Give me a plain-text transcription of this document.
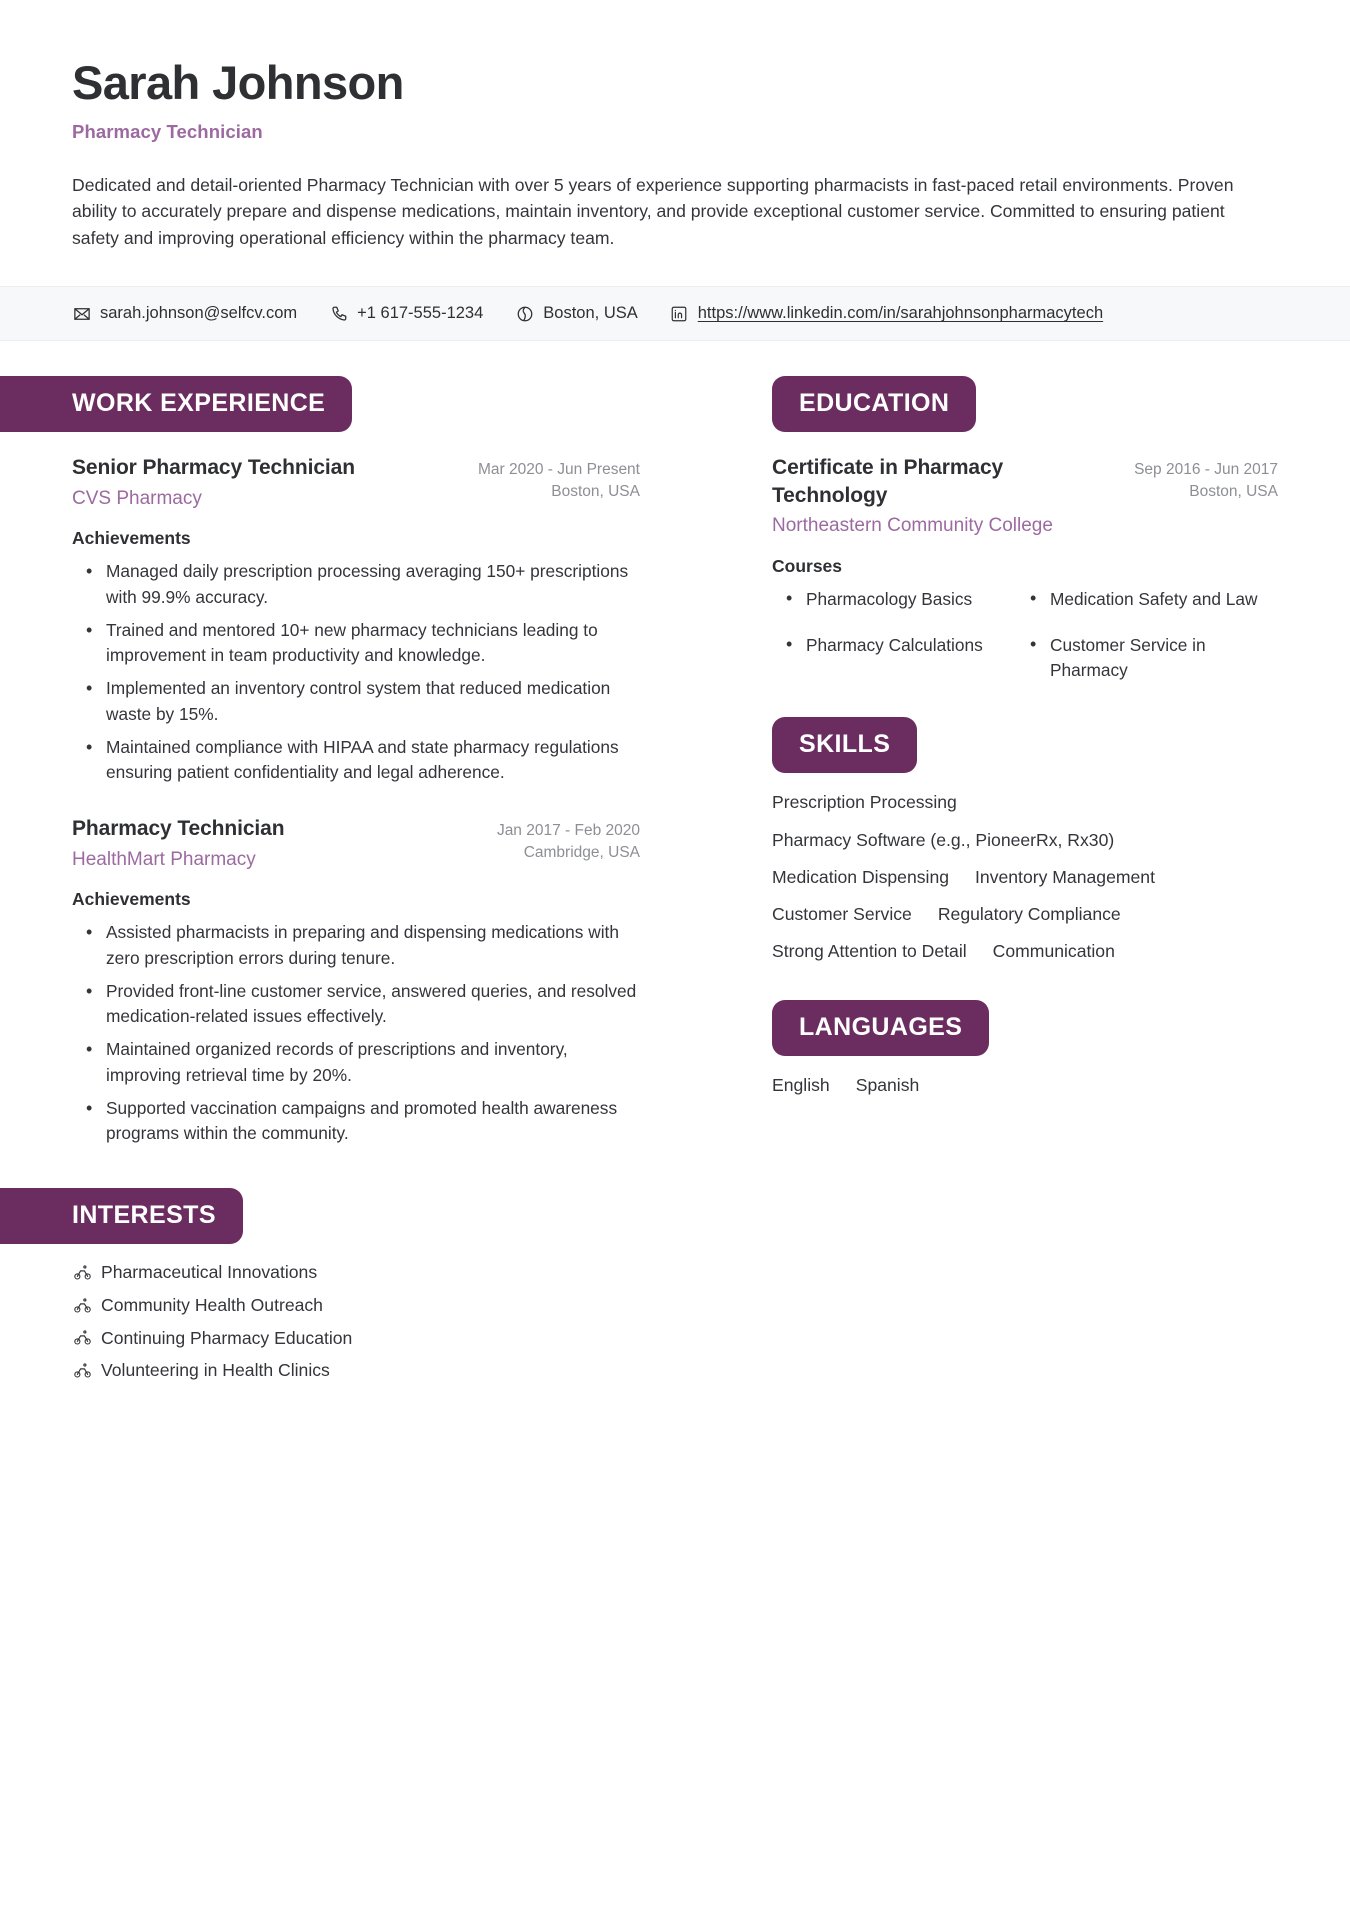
Sarah Johnson
Pharmacy Technician
Dedicated and detail-oriented Pharmacy Technician with over 5 years of experience supporting pharmacists in fast-paced retail environments. Proven ability to accurately prepare and dispense medications, maintain inventory, and provide exceptional customer service. Committed to ensuring patient safety and improving operational efficiency within the pharmacy team.
sarah.johnson@selfcv.com	+1 617-555-1234	Boston, USA	https://www.linkedin.com/in/sarahjohnsonpharmacytech
WORK EXPERIENCE
Senior Pharmacy Technician
CVS Pharmacy
Mar 2020 - Jun Present
Boston, USA
Achievements
• Managed daily prescription processing averaging 150+ prescriptions with 99.9% accuracy.
• Trained and mentored 10+ new pharmacy technicians leading to improvement in team productivity and knowledge.
• Implemented an inventory control system that reduced medication waste by 15%.
• Maintained compliance with HIPAA and state pharmacy regulations ensuring patient confidentiality and legal adherence.
Pharmacy Technician
HealthMart Pharmacy
Jan 2017 - Feb 2020
Cambridge, USA
Achievements
• Assisted pharmacists in preparing and dispensing medications with zero prescription errors during tenure.
• Provided front-line customer service, answered queries, and resolved medication-related issues effectively.
• Maintained organized records of prescriptions and inventory, improving retrieval time by 20%.
• Supported vaccination campaigns and promoted health awareness programs within the community.
INTERESTS
Pharmaceutical Innovations
Community Health Outreach
Continuing Pharmacy Education
Volunteering in Health Clinics
EDUCATION
Certificate in Pharmacy Technology
Northeastern Community College
Sep 2016 - Jun 2017
Boston, USA
Courses
• Pharmacology Basics	• Medication Safety and Law
• Pharmacy Calculations	• Customer Service in Pharmacy
SKILLS
Prescription Processing
Pharmacy Software (e.g., PioneerRx, Rx30)
Medication Dispensing Inventory Management
Customer Service Regulatory Compliance
Strong Attention to Detail Communication
LANGUAGES
English Spanish
